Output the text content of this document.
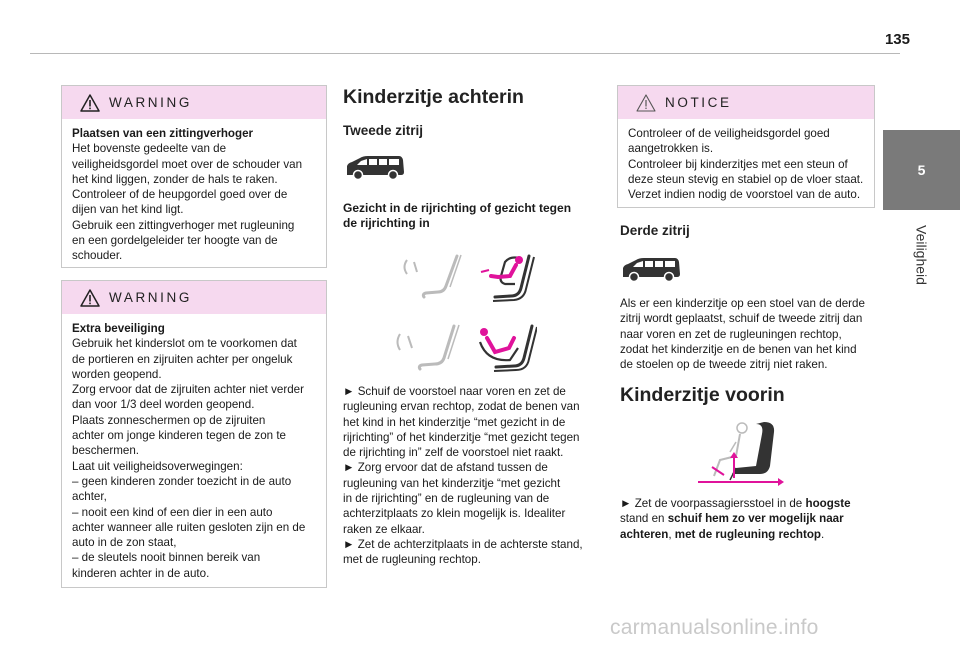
135
5
Veiligheid
WARNING

Plaatsen van een zittingverhoger

Het bovenste gedeelte van de

veiligheidsgordel moet over de schouder van

het kind liggen, zonder de hals te raken.

Controleer of de heupgordel goed over de

dijen van het kind ligt.

Gebruik een zittingverhoger met rugleuning

en een gordelgeleider ter hoogte van de

schouder.

WARNING

Extra beveiliging

Gebruik het kinderslot om te voorkomen dat

de portieren en zijruiten achter per ongeluk

worden geopend.

Zorg ervoor dat de zijruiten achter niet verder

dan voor 1/3 deel worden geopend.

Plaats zonneschermen op de zijruiten

achter om jonge kinderen tegen de zon te

beschermen.

Laat uit veiligheidsoverwegingen:

– geen kinderen zonder toezicht in de auto

achter,

– nooit een kind of een dier in een auto

achter wanneer alle ruiten gesloten zijn en de

auto in de zon staat,

– de sleutels nooit binnen bereik van

kinderen achter in de auto.

Kinderzitje achterin
Tweede zitrij
Gezicht in de rijrichting of gezicht tegen
de rijrichting in

► Schuif de voorstoel naar voren en zet de

rugleuning ervan rechtop, zodat de benen van

het kind in het kinderzitje “met gezicht in de

rijrichting” of het kinderzitje “met gezicht tegen

de rijrichting in” zelf de voorstoel niet raakt.

► Zorg ervoor dat de afstand tussen de

rugleuning van het kinderzitje “met gezicht

in de rijrichting” en de rugleuning van de

achterzitplaats zo klein mogelijk is. Idealiter

raken ze elkaar.

► Zet de achterzitplaats in de achterste stand,

met de rugleuning rechtop.

NOTICE

Controleer of de veiligheidsgordel goed

aangetrokken is.

Controleer bij kinderzitjes met een steun of

deze steun stevig en stabiel op de vloer staat.

Verzet indien nodig de voorstoel van de auto.

Derde zitrij

Als er een kinderzitje op een stoel van de derde

zitrij wordt geplaatst, schuif de tweede zitrij dan

naar voren en zet de rugleuningen rechtop,

zodat het kinderzitje en de benen van het kind

de stoelen op de tweede zitrij niet raken.

Kinderzitje voorin

► Zet de voorpassagiersstoel in de hoogste

stand en schuif hem zo ver mogelijk naar

achteren, met de rugleuning rechtop.

carmanualsonline.info
